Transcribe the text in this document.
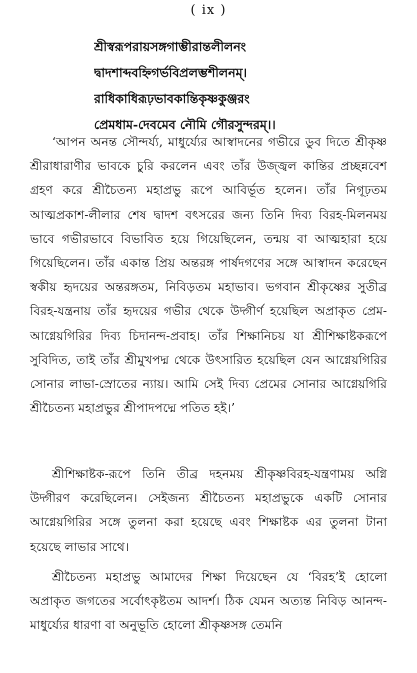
( ix )
শ্রীস্বরূপরায়সঙ্গগাম্ভীরান্তলীলনং
দ্বাদশাব্দবহ্নিগর্ভবিপ্রলম্ভশীলনম্‌।
রাধিকাধিরূঢ়ভাবকান্তিকৃষ্ণকুঞ্জরং
প্রেমধাম-দেবমেব নৌমি গৌরসুন্দরম্‌।।

‘আপন অনন্ত সৌন্দর্য্য, মাধুর্য্যের আস্বাদনের গভীরে ডুব দিতে শ্রীকৃষ্ণ শ্রীরাধারাণীর ভাবকে চুরি করলেন এবং তাঁর উজ্জ্বল কান্তির প্রচ্ছন্নবেশ গ্রহণ করে শ্রীচৈতন্য মহাপ্রভু রূপে আবির্ভূত হলেন। তাঁর নিগূঢ়তম আত্মপ্রকাশ-লীলার শেষ দ্বাদশ বৎসরের জন্য তিনি দিব্য বিরহ-মিলনময় ভাবে গভীরভাবে বিভাবিত হয়ে গিয়েছিলেন, তন্ময় বা আত্মহারা হয়ে গিয়েছিলেন। তাঁর একান্ত প্রিয় অন্তরঙ্গ পার্ষদগণের সঙ্গে আস্বাদন করেছেন স্বকীয় হৃদয়ের অন্তরঙ্গতম, নিবিড়তম মহাভাব। ভগবান শ্রীকৃষ্ণের সুতীব্র বিরহ-যন্ত্রনায় তাঁর হৃদয়ের গভীর থেকে উদ্গীর্ণ হয়েছিল অপ্রাকৃত প্রেম-আগ্নেয়গিরির দিব্য চিদানন্দ-প্রবাহ। তাঁর শিক্ষানিচয় যা শ্রীশিক্ষাষ্টকরূপে সুবিদিত, তাই তাঁর শ্রীমুখপদ্ম থেকে উৎসারিত হয়েছিল যেন আগ্নেয়গিরির সোনার লাভা-স্রোতের ন্যায়। আমি সেই দিব্য প্রেমের সোনার আগ্নেয়গিরি শ্রীচৈতন্য মহাপ্রভুর শ্রীপাদপদ্মে পতিত হই।’

শ্রীশিক্ষাষ্টক-রূপে তিনি তীব্র দহনময় শ্রীকৃষ্ণবিরহ-যন্ত্রণাময় অগ্নি উদ্গীরণ করেছিলেন। সেইজন্য শ্রীচৈতন্য মহাপ্রভুকে একটি সোনার আগ্নেয়গিরির সঙ্গে তুলনা করা হয়েছে এবং শিক্ষাষ্টক এর তুলনা টানা হয়েছে লাভার সাথে।

শ্রীচৈতন্য মহাপ্রভু আমাদের শিক্ষা দিয়েছেন যে ‘বিরহ’ই হোলো অপ্রাকৃত জগতের সর্বোৎকৃষ্টতম আদর্শ। ঠিক যেমন অত্যন্ত নিবিড় আনন্দ-মাধুর্য্যের ধারণা বা অনুভূতি হোলো শ্রীকৃষ্ণসঙ্গ তেমনি
